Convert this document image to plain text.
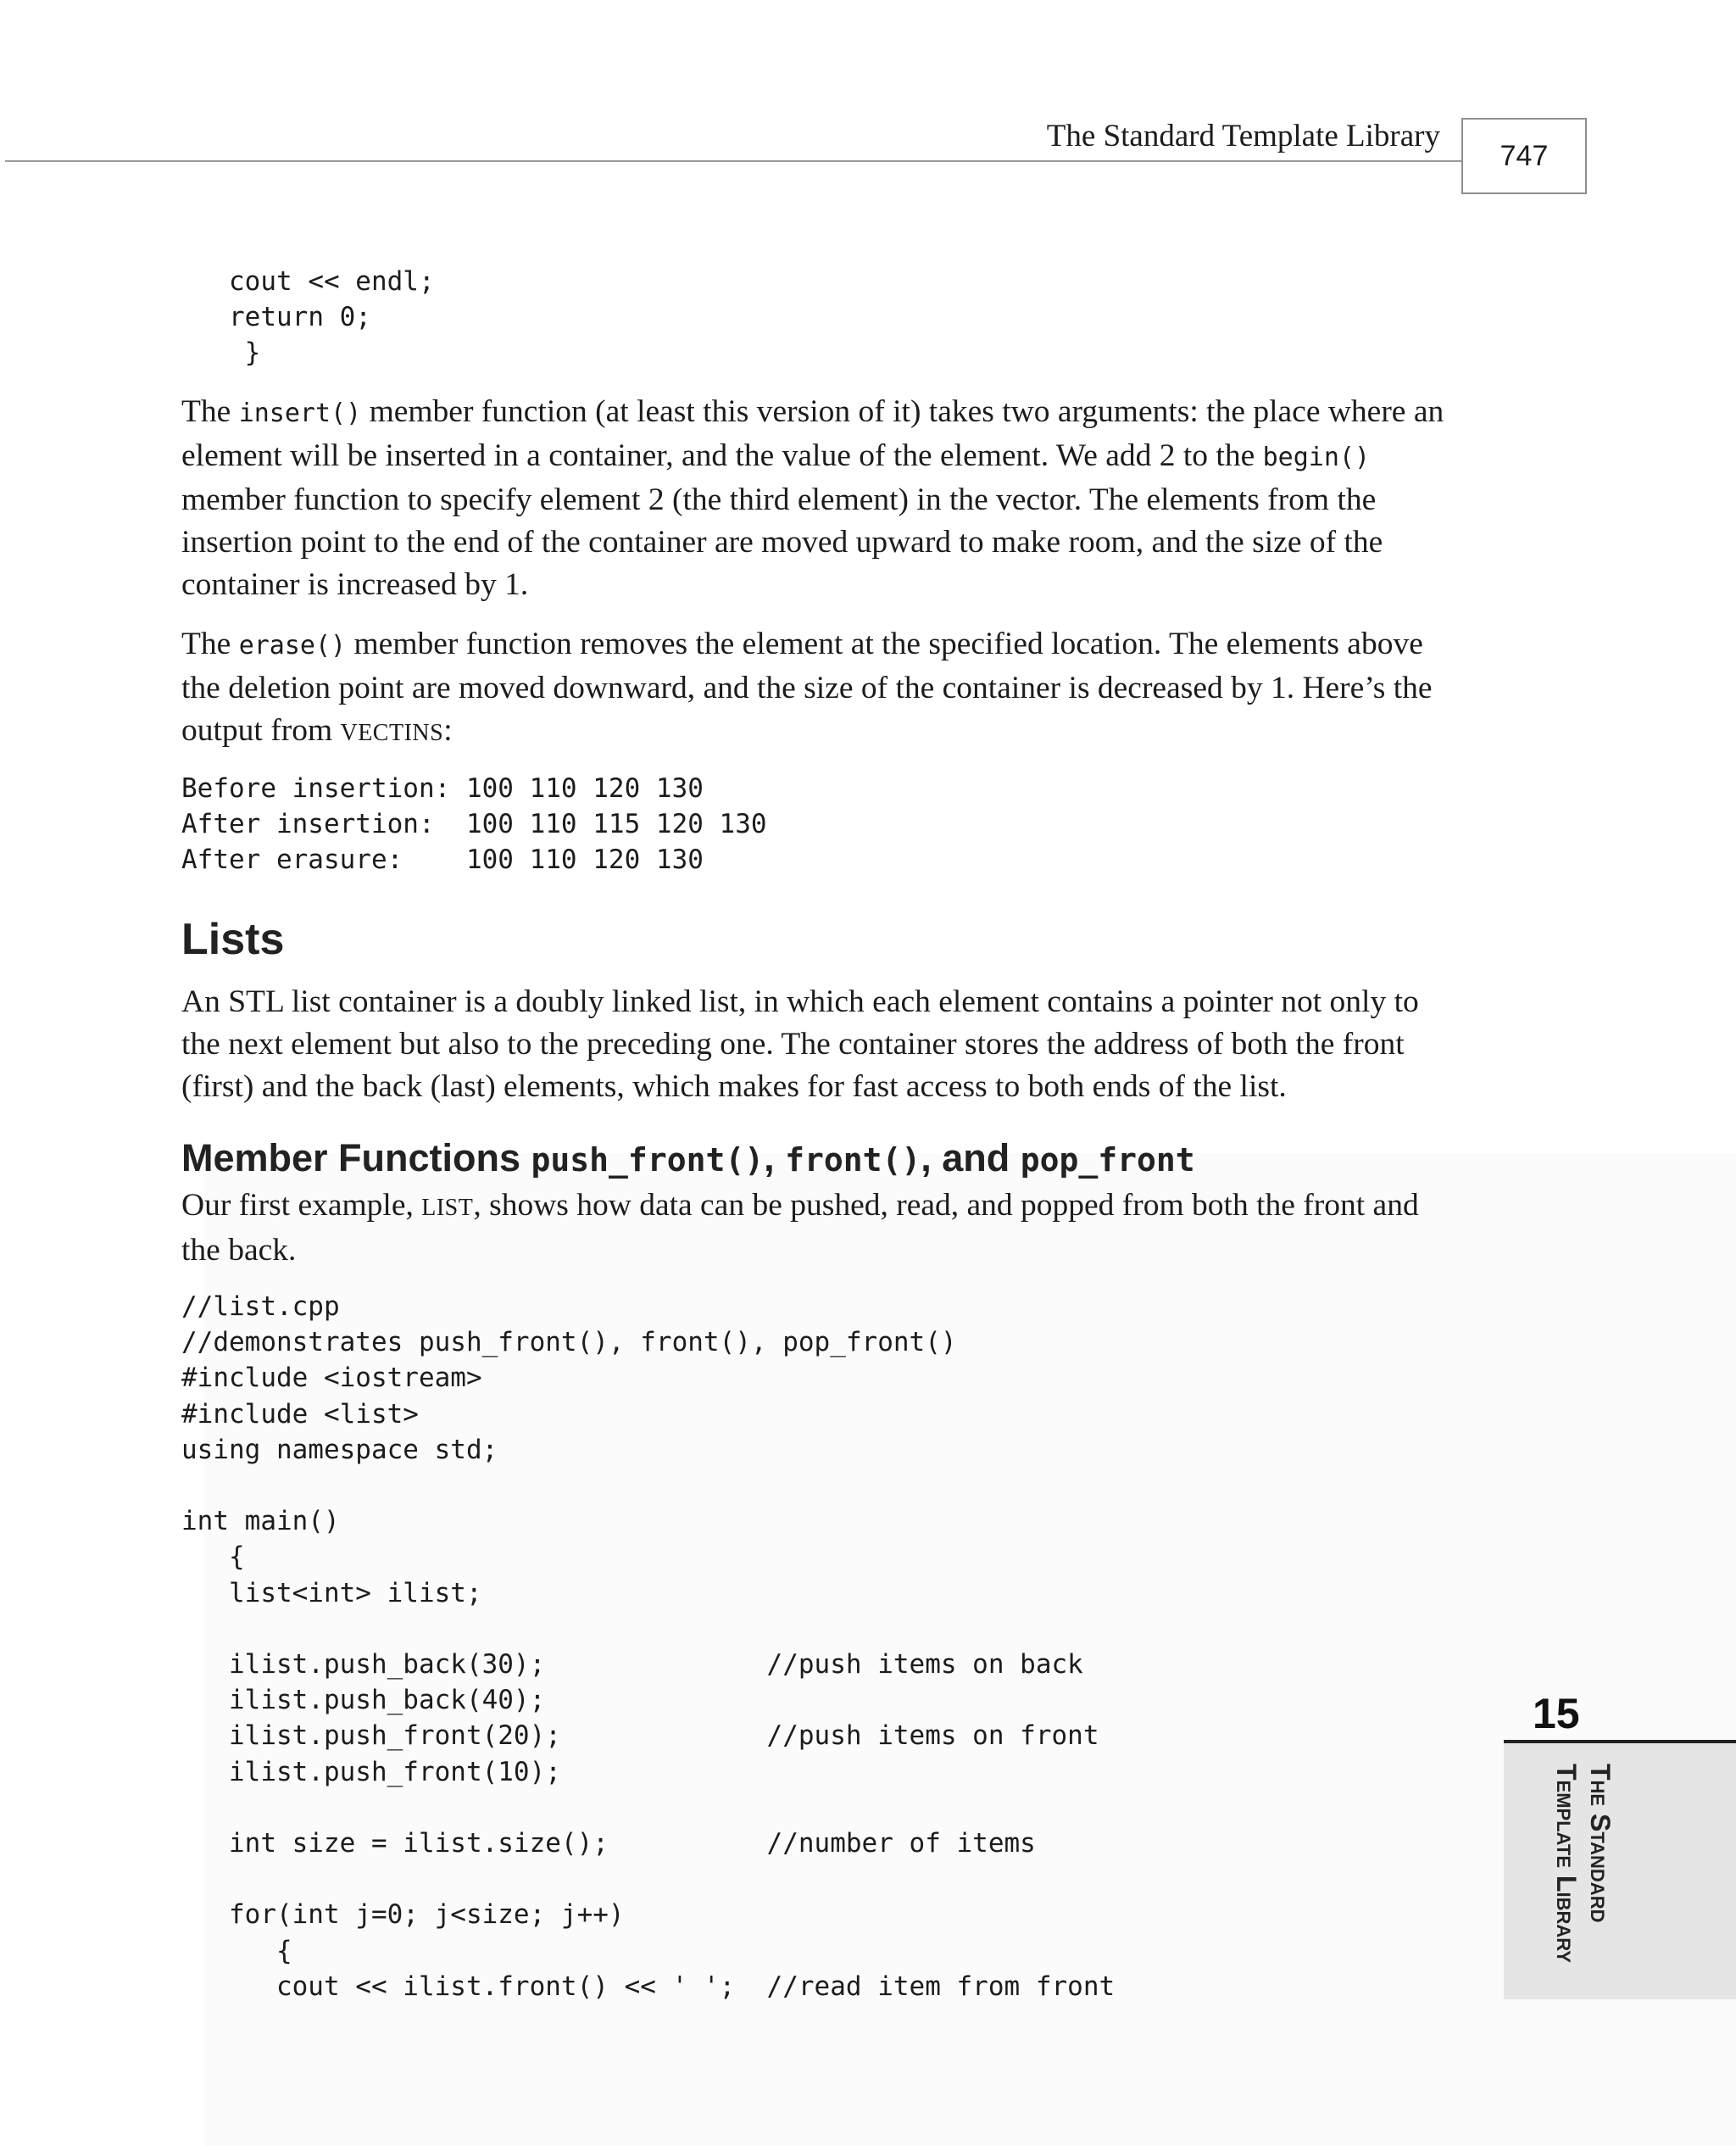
The Standard Template Library
747
cout << endl;
return 0;
}

The insert() member function (at least this version of it) takes two arguments: the place where an element will be inserted in a container, and the value of the element. We add 2 to the begin() member function to specify element 2 (the third element) in the vector. The elements from the insertion point to the end of the container are moved upward to make room, and the size of the container is increased by 1.

The erase() member function removes the element at the specified location. The elements above the deletion point are moved downward, and the size of the container is decreased by 1. Here’s the output from VECTINS:

Before insertion: 100 110 120 130
After insertion:  100 110 115 120 130
After erasure:    100 110 120 130
Lists

An STL list container is a doubly linked list, in which each element contains a pointer not only to the next element but also to the preceding one. The container stores the address of both the front (first) and the back (last) elements, which makes for fast access to both ends of the list.

Member Functions push_front(), front(), and pop_front

Our first example, LIST, shows how data can be pushed, read, and popped from both the front and the back.

//list.cpp
//demonstrates push_front(), front(), pop_front()
#include <iostream>
#include <list>
using namespace std;

int main()
{
list<int> ilist;

ilist.push_back(30);              //push items on back
ilist.push_back(40);
ilist.push_front(20);             //push items on front
ilist.push_front(10);

int size = ilist.size();          //number of items

for(int j=0; j<size; j++)
{
cout << ilist.front() << ' ';  //read item from front
15
The Standard
Template Library
